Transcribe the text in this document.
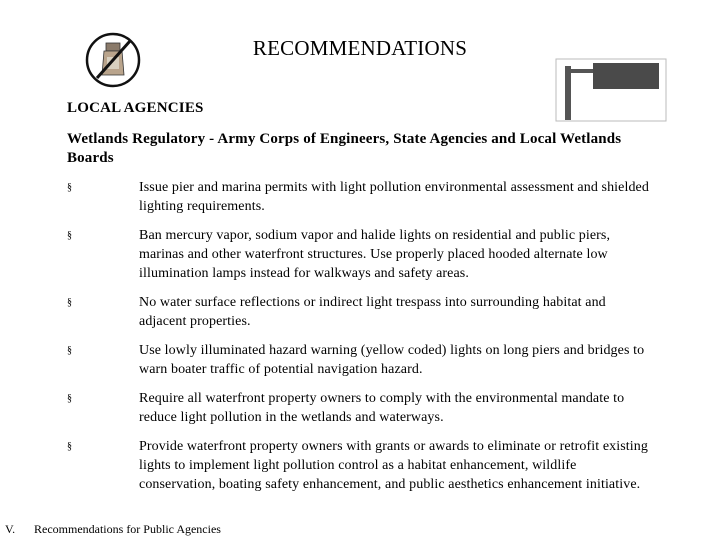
RECOMMENDATIONS
LOCAL AGENCIES
Wetlands Regulatory - Army Corps of Engineers, State Agencies and Local Wetlands Boards
§	Issue pier and marina permits with light pollution environmental assessment and shielded lighting requirements.
§	Ban mercury vapor, sodium vapor and halide lights on residential and public piers, marinas and other waterfront structures. Use properly placed hooded alternate low illumination lamps instead for walkways and safety areas.
§	No water surface reflections or indirect light trespass into surrounding habitat and adjacent properties.
§	Use lowly illuminated hazard warning (yellow coded) lights on long piers and bridges to warn boater traffic of potential navigation hazard.
§	Require all waterfront property owners to comply with the environmental mandate to reduce light pollution in the wetlands and waterways.
§	Provide waterfront property owners with grants or awards to eliminate or retrofit existing lights to implement light pollution control as a habitat enhancement, wildlife conservation, boating safety enhancement, and public aesthetics enhancement initiative.
V. Recommendations for Public Agencies
